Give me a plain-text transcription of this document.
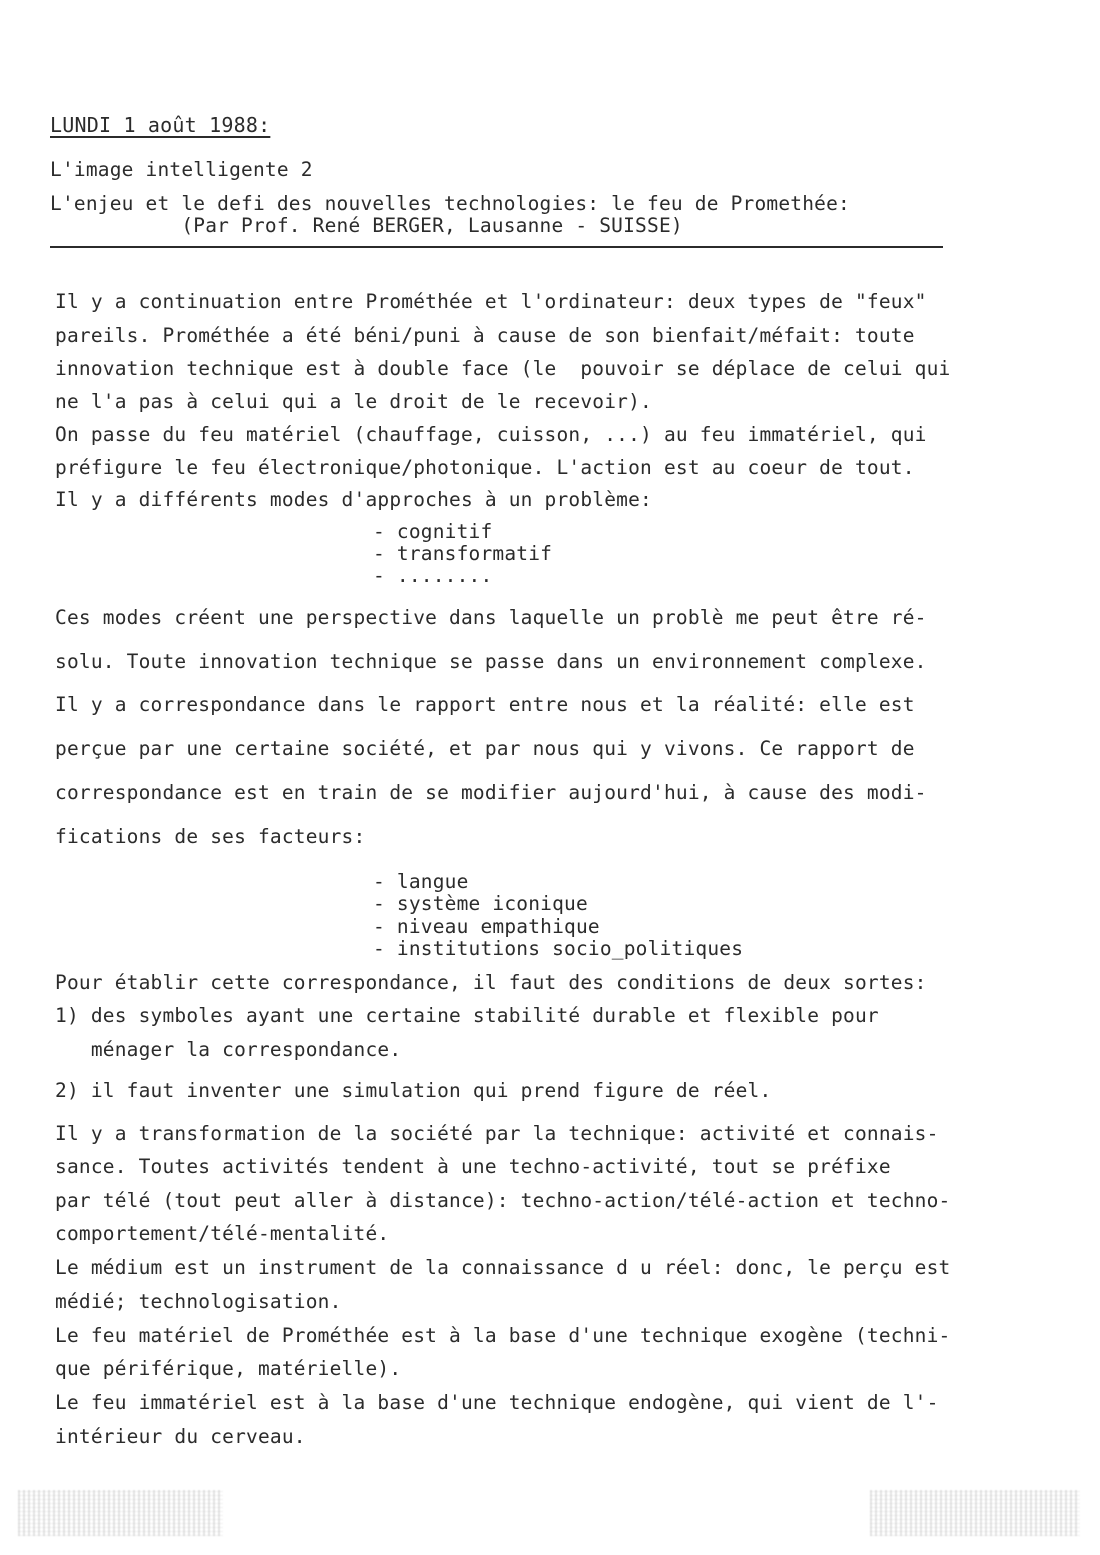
LUNDI 1 août 1988:
L'image intelligente 2
L'enjeu et le defi des nouvelles technologies: le feu de Promethée:
(Par Prof. René BERGER, Lausanne - SUISSE)
Il y a continuation entre Prométhée et l'ordinateur: deux types de "feux"
pareils. Prométhée a été béni/puni à cause de son bienfait/méfait: toute
innovation technique est à double face (le  pouvoir se déplace de celui qui
ne l'a pas à celui qui a le droit de le recevoir).
On passe du feu matériel (chauffage, cuisson, ...) au feu immatériel, qui
préfigure le feu électronique/photonique. L'action est au coeur de tout.
Il y a différents modes d'approches à un problème:
- cognitif
- transformatif
- ........
Ces modes créent une perspective dans laquelle un problè me peut être ré-
solu. Toute innovation technique se passe dans un environnement complexe.
Il y a correspondance dans le rapport entre nous et la réalité: elle est
perçue par une certaine société, et par nous qui y vivons. Ce rapport de
correspondance est en train de se modifier aujourd'hui, à cause des modi-
fications de ses facteurs:
- langue
- système iconique
- niveau empathique
- institutions socio_politiques
Pour établir cette correspondance, il faut des conditions de deux sortes:
1) des symboles ayant une certaine stabilité durable et flexible pour
ménager la correspondance.
2) il faut inventer une simulation qui prend figure de réel.
Il y a transformation de la société par la technique: activité et connais-
sance. Toutes activités tendent à une techno-activité, tout se préfixe
par télé (tout peut aller à distance): techno-action/télé-action et techno-
comportement/télé-mentalité.
Le médium est un instrument de la connaissance d u réel: donc, le perçu est
médié; technologisation.
Le feu matériel de Prométhée est à la base d'une technique exogène (techni-
que périférique, matérielle).
Le feu immatériel est à la base d'une technique endogène, qui vient de l'-
intérieur du cerveau.
